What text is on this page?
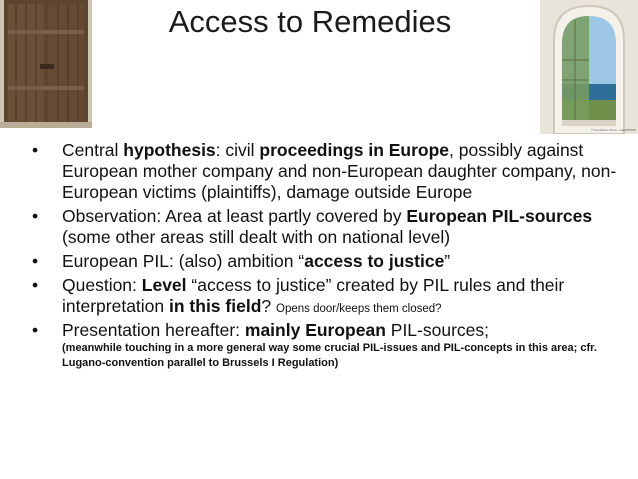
Access to Remedies
© Karl Baker Photo - cap9058000
• Central hypothesis: civil proceedings in Europe, possibly against European mother company and non-European daughter company, non-European victims (plaintiffs), damage outside Europe
• Observation: Area at least partly covered by European PIL-sources (some other areas still dealt with on national level)
• European PIL: (also) ambition “access to justice”
• Question: Level “access to justice” created by PIL rules and their interpretation in this field? Opens door/keeps them closed?
• Presentation hereafter: mainly European PIL-sources;
(meanwhile touching in a more general way some crucial PIL-issues and PIL-concepts in this area; cfr. Lugano-convention parallel to Brussels I Regulation)
